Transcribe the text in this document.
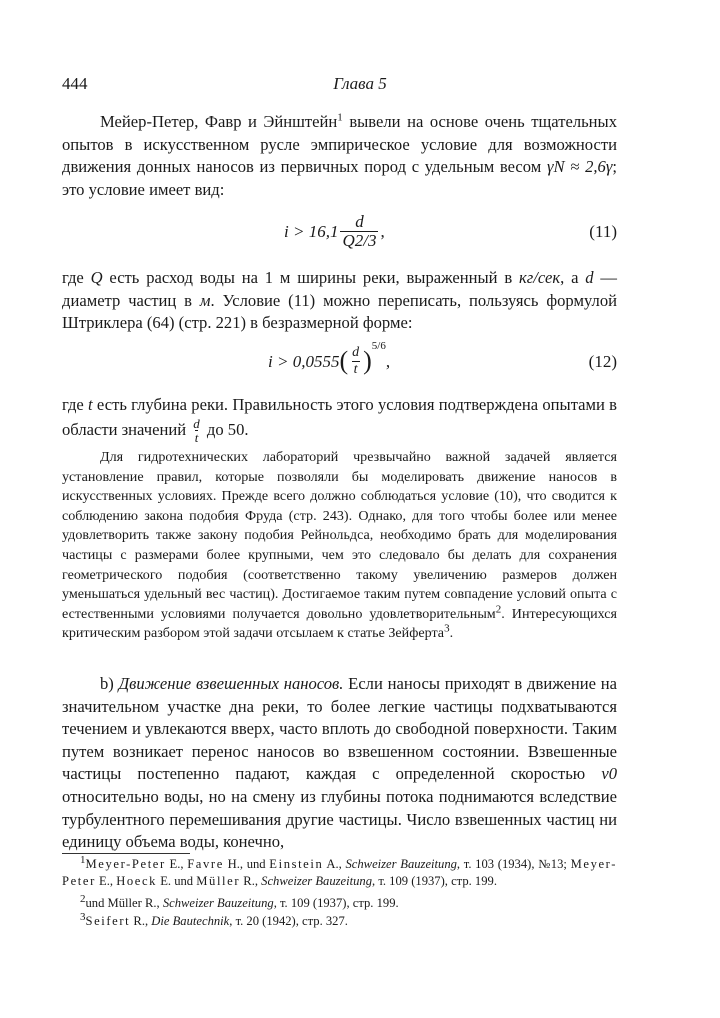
444	Глава 5
Мейер-Петер, Фавр и Эйнштейн$^1$ вывели на основе очень тщательных опытов в искусственном русле эмпирическое условие для возможности движения донных наносов из первичных пород с удельным весом γN ≈ 2,6γ; это условие имеет вид:
$i > 16,1 \frac{d}{Q2/3}$ ,	(11)
где Q есть расход воды на 1 м ширины реки, выраженный в кг/сек, а d — диаметр частиц в м. Условие (11) можно переписать, пользуясь формулой Штриклера (64) (стр. 221) в безразмерной форме:
i > 0,0555 ( $\frac{d}{t}$ ) 5/6
,	(12)
где t есть глубина реки. Правильность этого условия подтверждена опытами в области значений $\frac{d}{t}$ до 50.
Для гидротехнических лабораторий чрезвычайно важной задачей является установление правил, которые позволяли бы моделировать движение наносов в искусственных условиях. Прежде всего должно соблюдаться условие (10), что сводится к соблюдению закона подобия Фруда (стр. 243). Однако, для того чтобы более или менее удовлетворить также закону подобия Рейнольдса, необходимо брать для моделирования частицы с размерами более крупными, чем это следовало бы делать для сохранения геометрического подобия (соответственно такому увеличению размеров должен уменьшаться удельный вес частиц). Достигаемое таким путем совпадение условий опыта с естественными условиями получается довольно удовлетворительным$^2$. Интересующихся критическим разбором этой задачи отсылаем к статье Зейферта$^3$.
b) Движение взвешенных наносов. Если наносы приходят в движение на значительном участке дна реки, то более легкие частицы подхватываются течением и увлекаются вверх, часто вплоть до свободной поверхности. Таким путем возникает перенос наносов во взвешенном состоянии. Взвешенные частицы постепенно падают, каждая с определенной скоростью v0 относительно воды, но на смену из глубины потока поднимаются вследствие турбулентного перемешивания другие частицы. Число взвешенных частиц ни единицу объема воды, конечно,
1Meyer-Peter E., Favre H., und Einstein A., Schweizer Bauzeitung, т. 103 (1934), №13; Meyer-Peter E., Hoeck E. und Müller R., Schweizer Bauzeitung, т. 109 (1937), стр. 199.
2und Müller R., Schweizer Bauzeitung, т. 109 (1937), стр. 199.
3Seifert R., Die Bautechnik, т. 20 (1942), стр. 327.
